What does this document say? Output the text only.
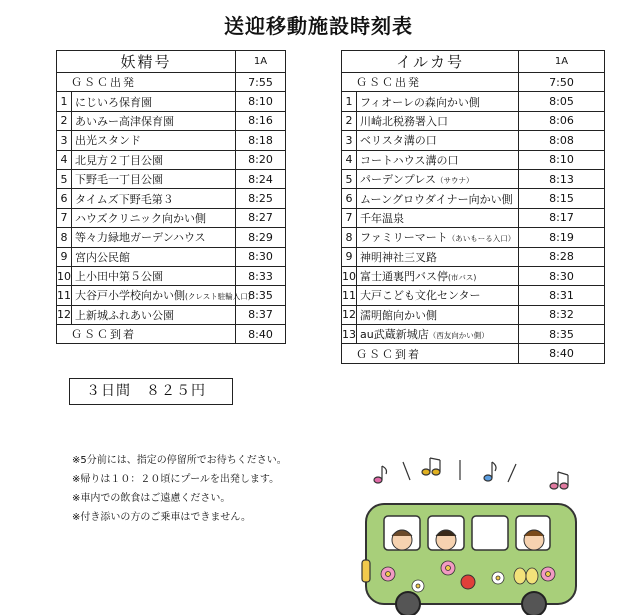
送迎移動施設時刻表
妖精号		1A
ＧＳＣ出発		7:55
1	にじいろ保育園	8:10
2	あいみー高津保育園	8:16
3	出光スタンド	8:18
4	北見方２丁目公園	8:20
5	下野毛一丁目公園	8:24
6	タイムズ下野毛第３	8:25
7	ハウズクリニック向かい側	8:27
8	等々力緑地ガーデンハウス	8:29
9	宮内公民館	8:30
10	上小田中第５公園	8:33
11	大谷戸小学校向かい側(クレスト駐輪入口)	8:35
12	上新城ふれあい公園	8:37
ＧＳＣ到着		8:40
イルカ号		1A
ＧＳＣ出発		7:50
1	フィオーレの森向かい側	8:05
2	川崎北税務署入口	8:06
3	ベリスタ溝の口	8:08
4	コートハウス溝の口	8:10
5	パーデンプレス（サウナ）	8:13
6	ムーングロウダイナー向かい側	8:15
7	千年温泉	8:17
8	ファミリーマート（あいもーる入口）	8:19
9	神明神社三叉路	8:28
10	富士通裏門バス停(市バス)	8:30
11	大戸こども文化センター	8:31
12	濡明館向かい側	8:32
13	au武蔵新城店（西友向かい側）	8:35
ＧＳＣ到着		8:40
３日間　８２５円
※5分前には、指定の停留所でお待ちください。
※帰りは１０：２０頃にプールを出発します。
※車内での飲食はご遠慮ください。
※付き添いの方のご乗車はできません。
